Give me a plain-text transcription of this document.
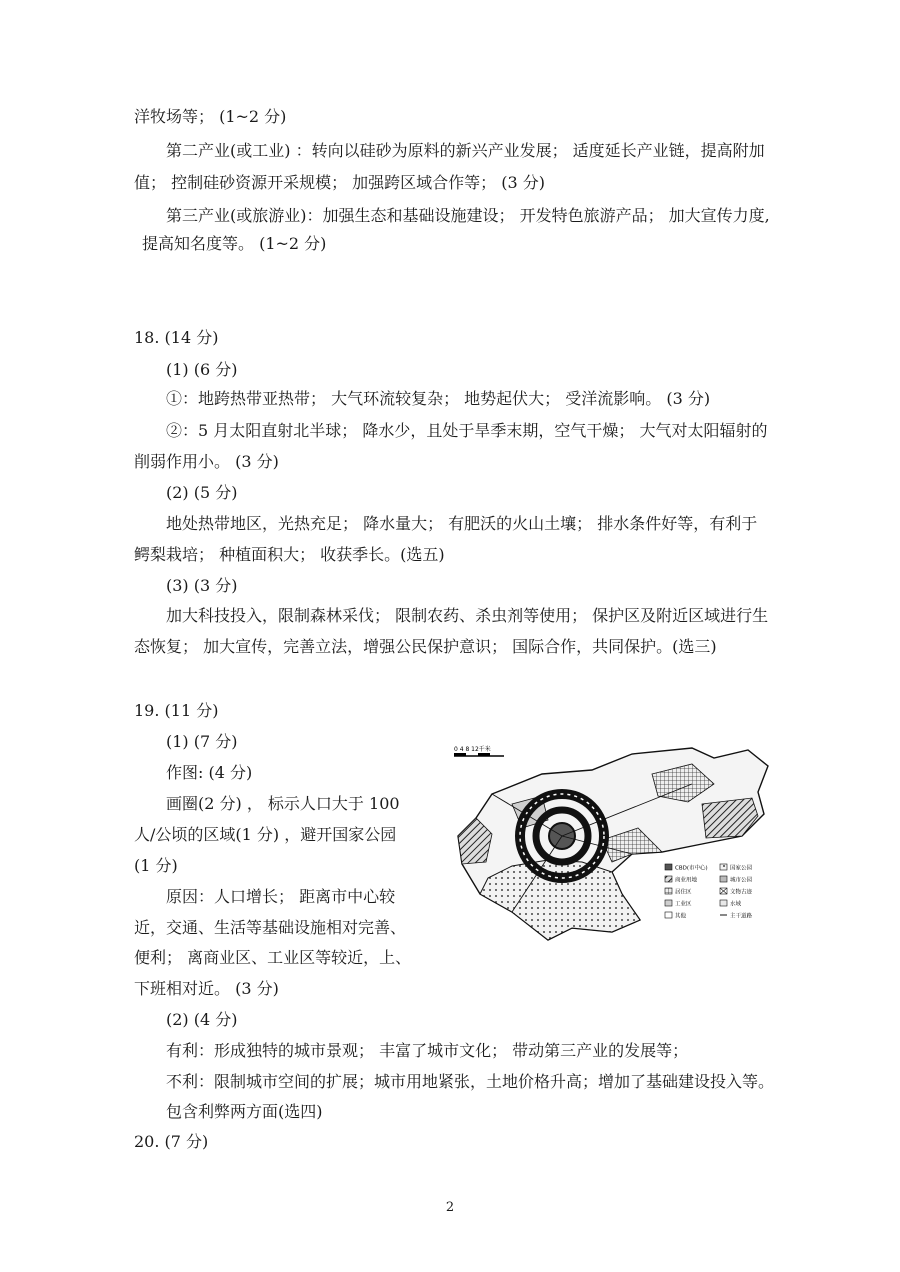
洋牧场等； (1~2 分)
第二产业(或工业) ：转向以硅砂为原料的新兴产业发展； 适度延长产业链，提高附加
值； 控制硅砂资源开采规模； 加强跨区域合作等； (3 分)
第三产业(或旅游业)：加强生态和基础设施建设； 开发特色旅游产品； 加大宣传力度,
提高知名度等。 (1~2 分)
18. (14 分)
(1) (6 分)
①：地跨热带亚热带； 大气环流较复杂； 地势起伏大； 受洋流影响。 (3 分)
②：5 月太阳直射北半球； 降水少，且处于旱季末期，空气干燥； 大气对太阳辐射的
削弱作用小。 (3 分)
(2) (5 分)
地处热带地区，光热充足； 降水量大； 有肥沃的火山土壤； 排水条件好等，有利于
鳄梨栽培； 种植面积大； 收获季长。(选五)
(3) (3 分)
加大科技投入，限制森林采伐； 限制农药、杀虫剂等使用； 保护区及附近区域进行生
态恢复； 加大宣传，完善立法，增强公民保护意识； 国际合作，共同保护。(选三)
19. (11 分)
(1) (7 分)
作图: (4 分)
画圈(2 分) ， 标示人口大于 100
人/公顷的区域(1 分) ，避开国家公园
(1 分)
原因：人口增长； 距离市中心较
近，交通、生活等基础设施相对完善、
便利； 离商业区、工业区等较近，上、
下班相对近。 (3 分)
(2) (4 分)
有利：形成独特的城市景观； 丰富了城市文化； 带动第三产业的发展等；
不利：限制城市空间的扩展；城市用地紧张，土地价格升高；增加了基础建设投入等。
包含利弊两方面(选四)
20. (7 分)
0 4 8 12千米
CBD(市中心)	国家公园
商业用地	城市公园
居住区	文物古迹
工业区	水域
其他	主干道路
2
